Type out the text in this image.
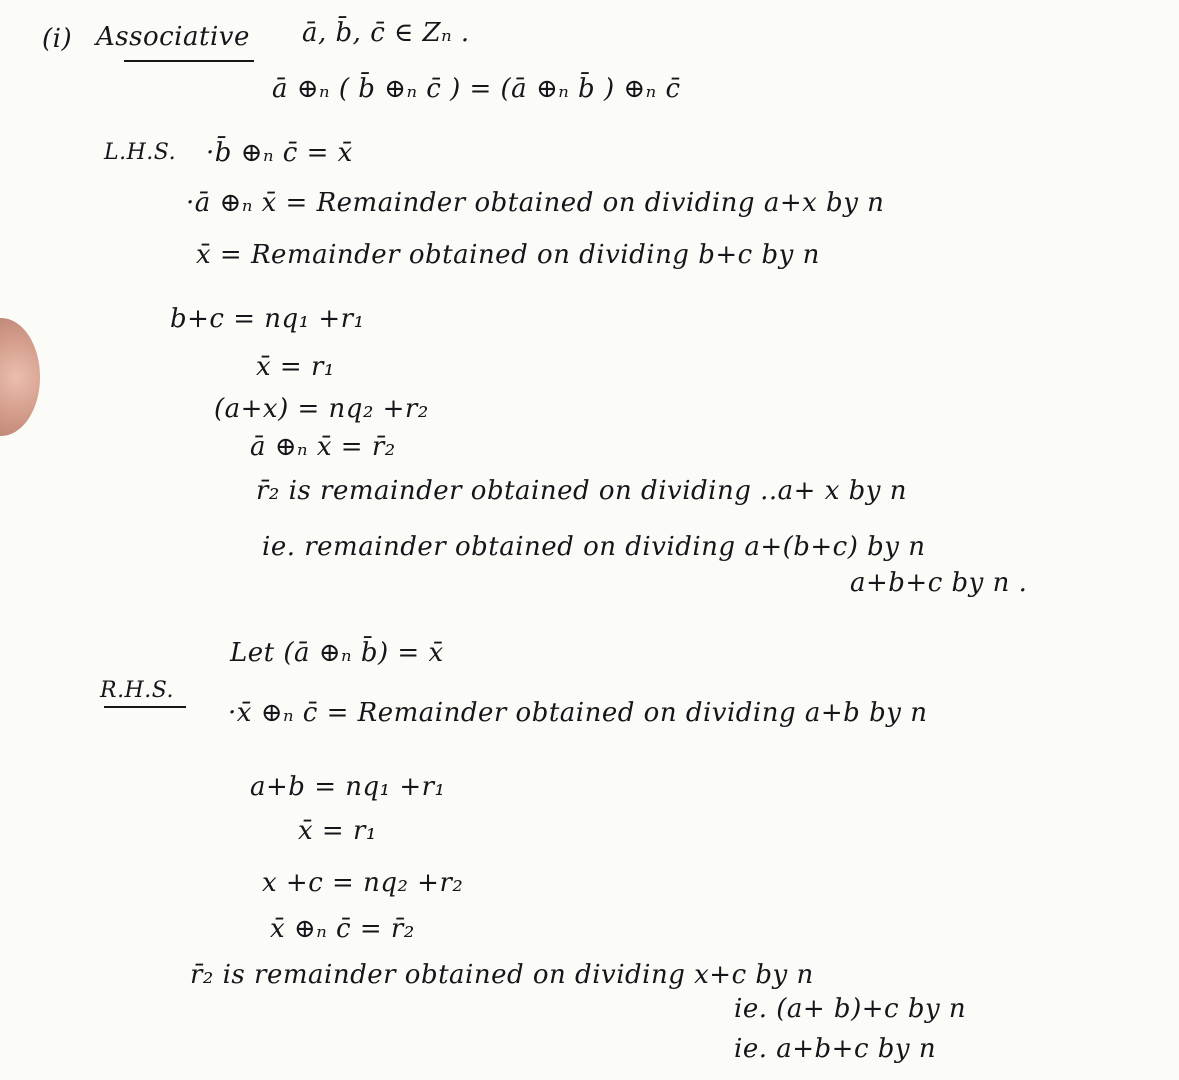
(i) Associative ā, b̄, c̄ ∈ Zₙ .
ā ⊕ₙ ( b̄ ⊕ₙ c̄ ) = (ā ⊕ₙ b̄ ) ⊕ₙ c̄
L.H.S. ·b̄ ⊕ₙ c̄ = x̄
·ā ⊕ₙ x̄ = Remainder obtained on dividing a+x by n
x̄ = Remainder obtained on dividing b+c by n
b+c = nq₁ +r₁
x̄ = r₁
(a+x) = nq₂ +r₂
ā ⊕ₙ x̄ = r̄₂
r̄₂ is remainder obtained on dividing ..a+ x by n
ie. remainder obtained on dividing a+(b+c) by n
a+b+c by n .
R.H.S.
Let (ā ⊕ₙ b̄) = x̄
·x̄ ⊕ₙ c̄ = Remainder obtained on dividing a+b by n
a+b = nq₁ +r₁
x̄ = r₁
x +c = nq₂ +r₂
x̄ ⊕ₙ c̄ = r̄₂
r̄₂ is remainder obtained on dividing x+c by n
ie. (a+ b)+c by n
ie. a+b+c by n
